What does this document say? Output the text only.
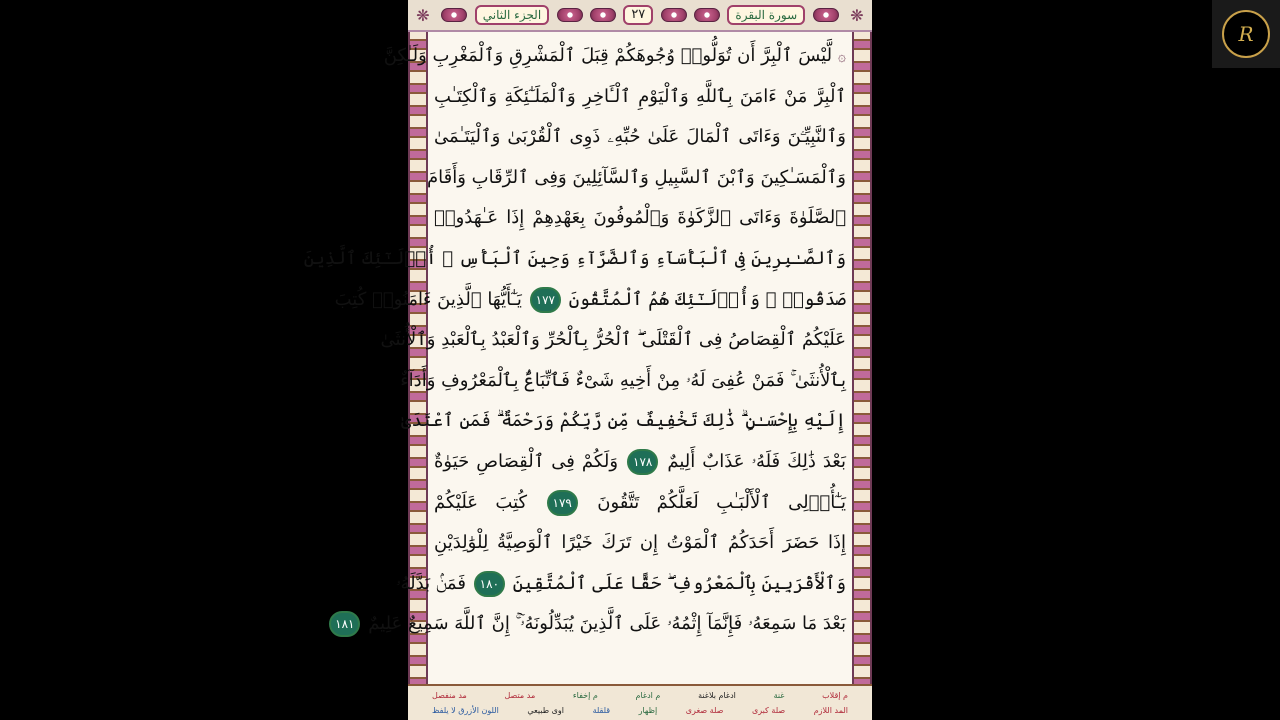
❋	الجزء الثاني	٢٧	سورة البقرة	❋
۞ لَّيْسَ ٱلْبِرَّ أَن تُوَلُّوا۟ وُجُوهَكُمْ قِبَلَ ٱلْمَشْرِقِ وَٱلْمَغْرِبِ وَلَـٰكِنَّ
ٱلْبِرَّ مَنْ ءَامَنَ بِٱللَّهِ وَٱلْيَوْمِ ٱلْـَٔاخِرِ وَٱلْمَلَـٰٓئِكَةِ وَٱلْكِتَـٰبِ
وَٱلنَّبِيِّـۧنَ وَءَاتَى ٱلْمَالَ عَلَىٰ حُبِّهِۦ ذَوِى ٱلْقُرْبَىٰ وَٱلْيَتَـٰمَىٰ
وَٱلْمَسَـٰكِينَ وَٱبْنَ ٱلسَّبِيلِ وَٱلسَّآئِلِينَ وَفِى ٱلرِّقَابِ وَأَقَامَ
ٱلصَّلَوٰةَ وَءَاتَى ٱلزَّكَوٰةَ وَٱلْمُوفُونَ بِعَهْدِهِمْ إِذَا عَـٰهَدُوا۟
وَٱلصَّـٰبِرِينَ فِى ٱلْبَأْسَآءِ وَٱلضَّرَّآءِ وَحِينَ ٱلْبَأْسِ ۗ أُو۟لَـٰٓئِكَ ٱلَّذِينَ
صَدَقُوا۟ ۖ وَأُو۟لَـٰٓئِكَ هُمُ ٱلْمُتَّقُونَ ١٧٧ يَـٰٓأَيُّهَا ٱلَّذِينَ ءَامَنُوا۟ كُتِبَ
عَلَيْكُمُ ٱلْقِصَاصُ فِى ٱلْقَتْلَى ۖ ٱلْحُرُّ بِٱلْحُرِّ وَٱلْعَبْدُ بِٱلْعَبْدِ وَٱلْأُنثَىٰ
بِٱلْأُنثَىٰ ۚ فَمَنْ عُفِىَ لَهُۥ مِنْ أَخِيهِ شَىْءٌ فَٱتِّبَاعٌۢ بِٱلْمَعْرُوفِ وَأَدَآءٌ
إِلَيْهِ بِإِحْسَـٰنٍ ۗ ذَٰلِكَ تَخْفِيفٌ مِّن رَّبِّكُمْ وَرَحْمَةٌ ۗ فَمَنِ ٱعْتَدَىٰ
بَعْدَ ذَٰلِكَ فَلَهُۥ عَذَابٌ أَلِيمٌ ١٧٨ وَلَكُمْ فِى ٱلْقِصَاصِ حَيَوٰةٌ
يَـٰٓأُو۟لِى ٱلْأَلْبَـٰبِ لَعَلَّكُمْ تَتَّقُونَ ١٧٩ كُتِبَ عَلَيْكُمْ
إِذَا حَضَرَ أَحَدَكُمُ ٱلْمَوْتُ إِن تَرَكَ خَيْرًا ٱلْوَصِيَّةُ لِلْوَٰلِدَيْنِ
وَٱلْأَقْرَبِينَ بِٱلْمَعْرُوفِ ۖ حَقًّا عَلَى ٱلْمُتَّقِينَ ١٨٠ فَمَنۢ بَدَّلَهُۥ
بَعْدَ مَا سَمِعَهُۥ فَإِنَّمَآ إِثْمُهُۥ عَلَى ٱلَّذِينَ يُبَدِّلُونَهُۥٓ ۚ إِنَّ ٱللَّهَ سَمِيعٌ عَلِيمٌ ١٨١
م إقلاب
غنة
ادغام بلاغنة
م ادغام
م إخفاء
مد متصل
مد منفصل
المد اللازم
صلة كبرى
صلة صغرى
إظهار
قلقلة
اوى طبيعي
اللون الأزرق لا يلفظ
R
